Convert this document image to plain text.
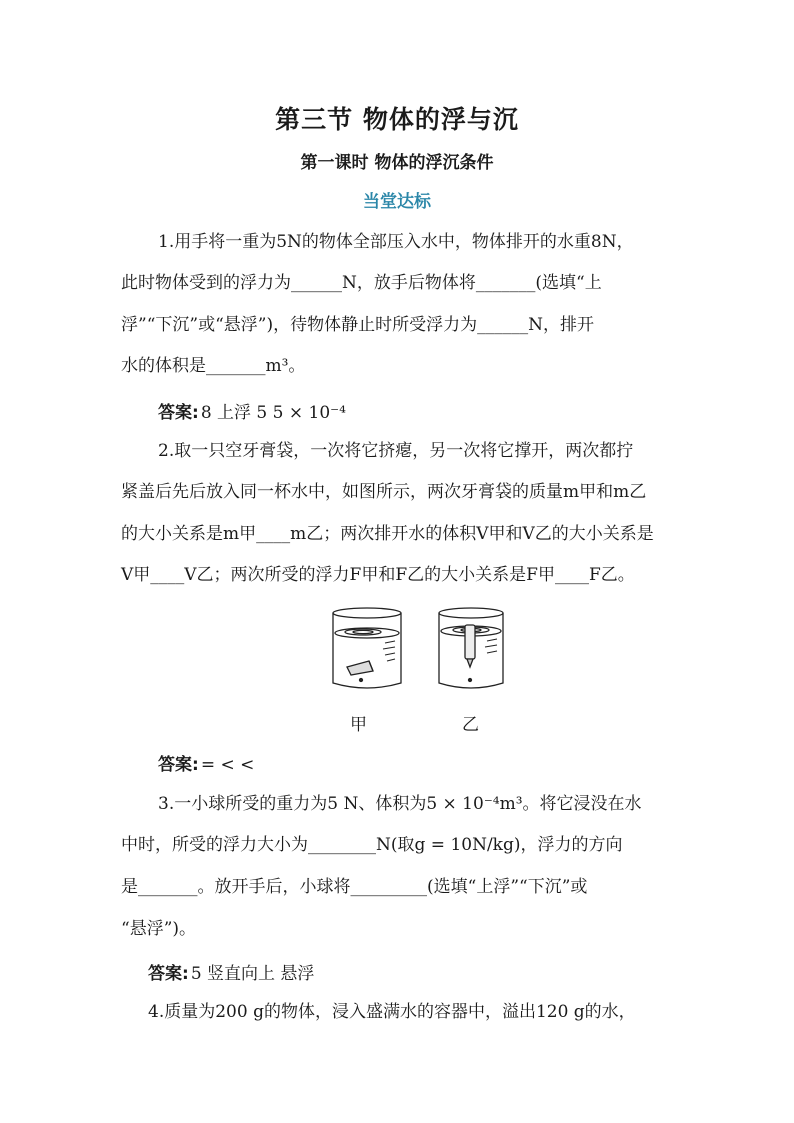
第三节 物体的浮与沉
第一课时 物体的浮沉条件
当堂达标
1.用手将一重为5N的物体全部压入水中，物体排开的水重8N，
此时物体受到的浮力为______N，放手后物体将_______(选填“上
浮”“下沉”或“悬浮”)，待物体静止时所受浮力为______N，排开
水的体积是_______m³。
答案: 8 上浮 5 5 × 10⁻⁴
2.取一只空牙膏袋，一次将它挤瘪，另一次将它撑开，两次都拧
紧盖后先后放入同一杯水中，如图所示，两次牙膏袋的质量m甲和m乙
的大小关系是m甲____m乙；两次排开水的体积V甲和V乙的大小关系是
V甲____V乙；两次所受的浮力F甲和F乙的大小关系是F甲____F乙。
甲	乙
答案: = < <
3.一小球所受的重力为5 N、体积为5 × 10⁻⁴m³。将它浸没在水
中时，所受的浮力大小为________N(取g = 10N/kg)，浮力的方向
是_______。放开手后，小球将_________(选填“上浮”“下沉”或
“悬浮”)。
答案: 5 竖直向上 悬浮
4.质量为200 g的物体，浸入盛满水的容器中，溢出120 g的水，
